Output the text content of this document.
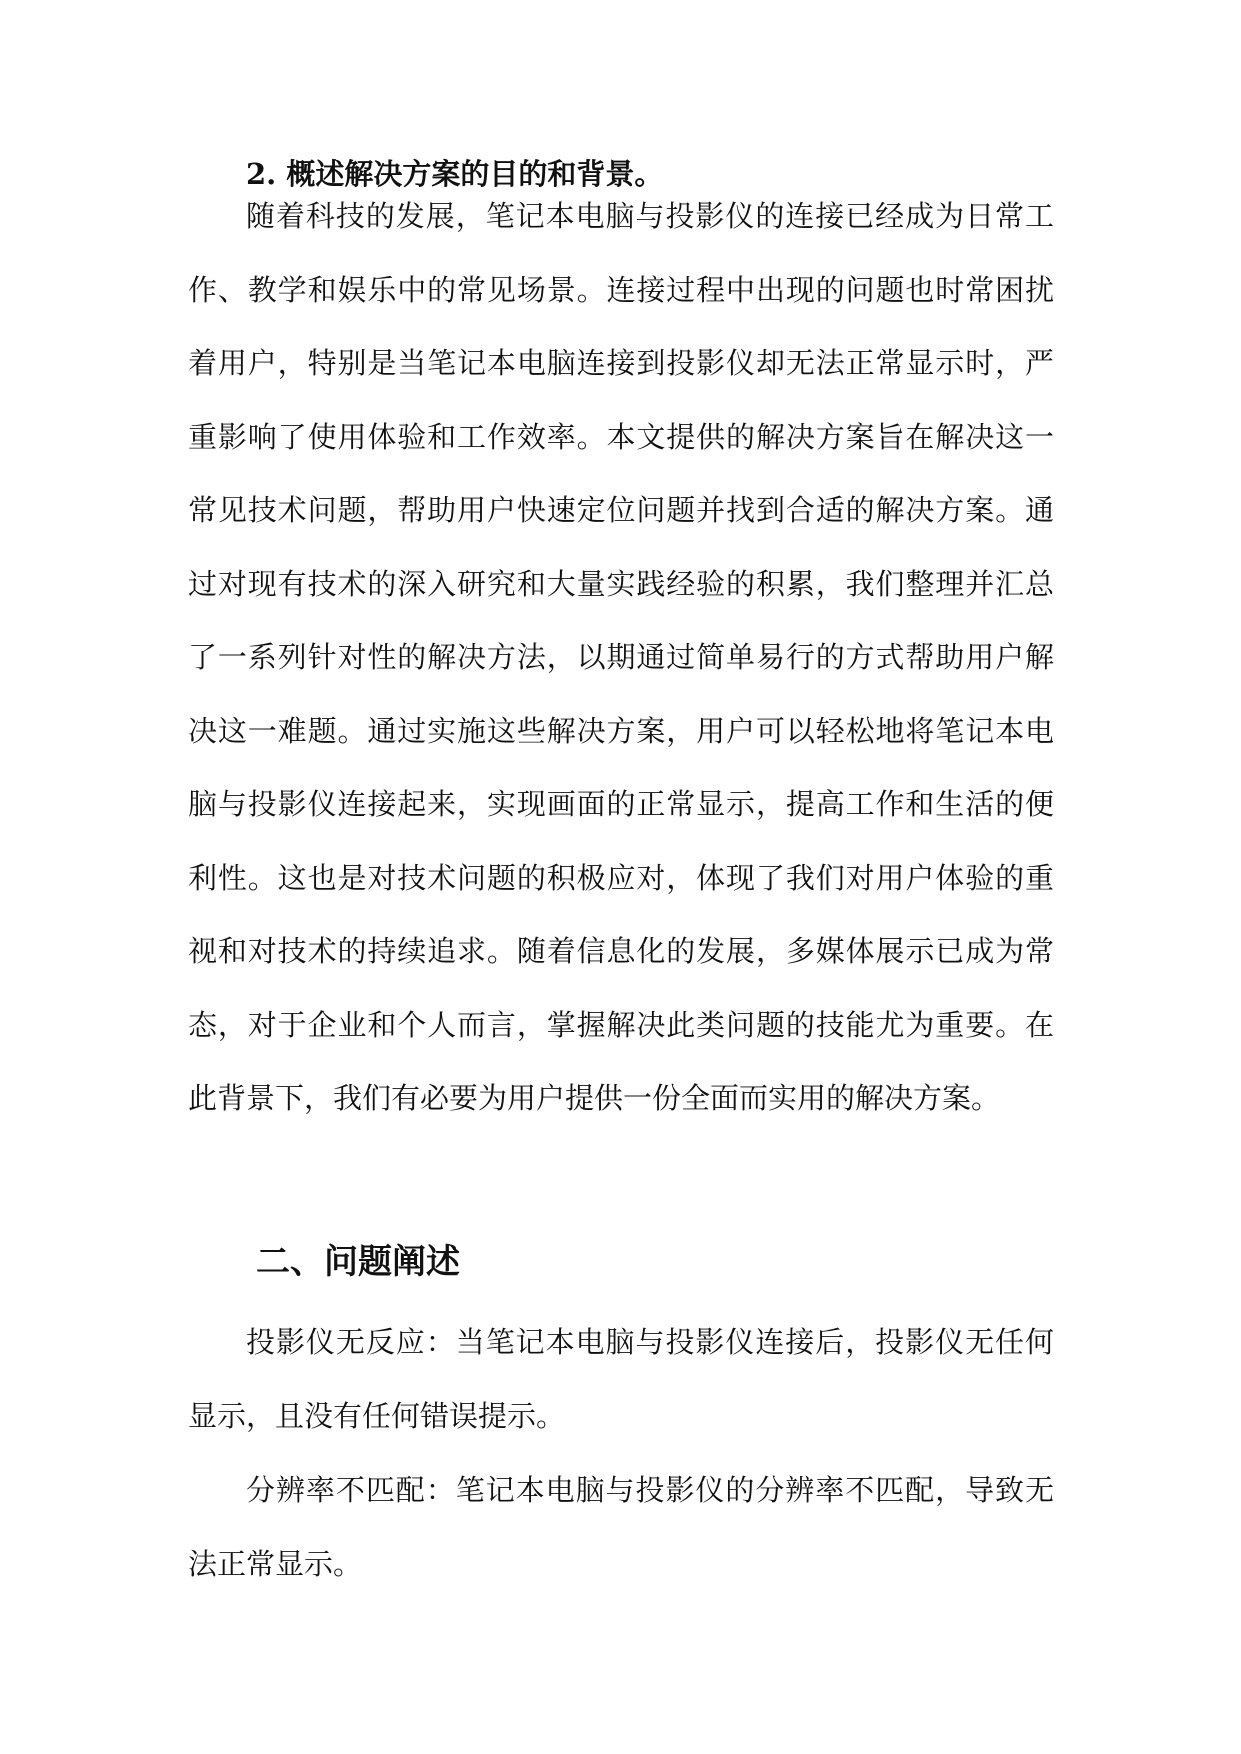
2. 概述解决方案的目的和背景。

随着科技的发展，笔记本电脑与投影仪的连接已经成为日常工作、教学和娱乐中的常见场景。连接过程中出现的问题也时常困扰着用户，特别是当笔记本电脑连接到投影仪却无法正常显示时，严重影响了使用体验和工作效率。本文提供的解决方案旨在解决这一常见技术问题，帮助用户快速定位问题并找到合适的解决方案。通过对现有技术的深入研究和大量实践经验的积累，我们整理并汇总了一系列针对性的解决方法，以期通过简单易行的方式帮助用户解决这一难题。通过实施这些解决方案，用户可以轻松地将笔记本电脑与投影仪连接起来，实现画面的正常显示，提高工作和生活的便利性。这也是对技术问题的积极应对，体现了我们对用户体验的重视和对技术的持续追求。随着信息化的发展，多媒体展示已成为常态，对于企业和个人而言，掌握解决此类问题的技能尤为重要。在此背景下，我们有必要为用户提供一份全面而实用的解决方案。

二、问题阐述

投影仪无反应：当笔记本电脑与投影仪连接后，投影仪无任何显示，且没有任何错误提示。

分辨率不匹配：笔记本电脑与投影仪的分辨率不匹配，导致无法正常显示。
